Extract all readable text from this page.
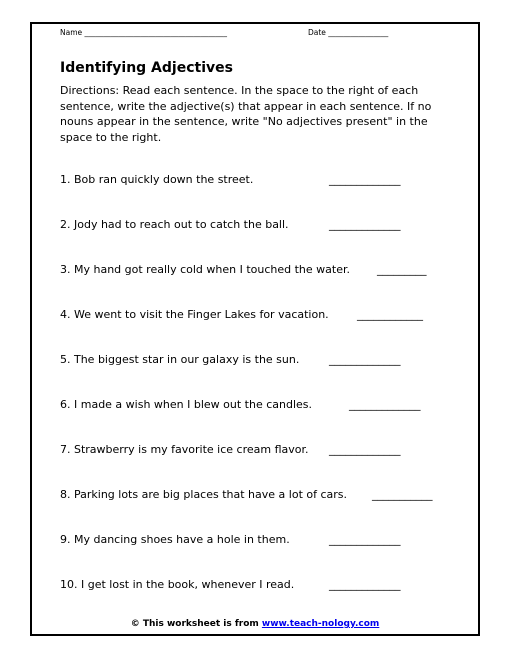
Name ______________________________________	Date ________________
Identifying Adjectives
Directions: Read each sentence. In the space to the right of each sentence, write the adjective(s) that appear in each sentence. If no nouns appear in the sentence, write "No adjectives present" in the space to the right.
1. Bob ran quickly down the street.	_____________
2. Jody had to reach out to catch the ball.	_____________
3. My hand got really cold when I touched the water. _________
4. We went to visit the Finger Lakes for vacation.	____________
5. The biggest star in our galaxy is the sun.	_____________
6. I made a wish when I blew out the candles.	_____________
7. Strawberry is my favorite ice cream flavor. _____________
8. Parking lots are big places that have a lot of cars. ___________
9. My dancing shoes have a hole in them.	_____________
10. I get lost in the book, whenever I read.	_____________
© This worksheet is from www.teach-nology.com
